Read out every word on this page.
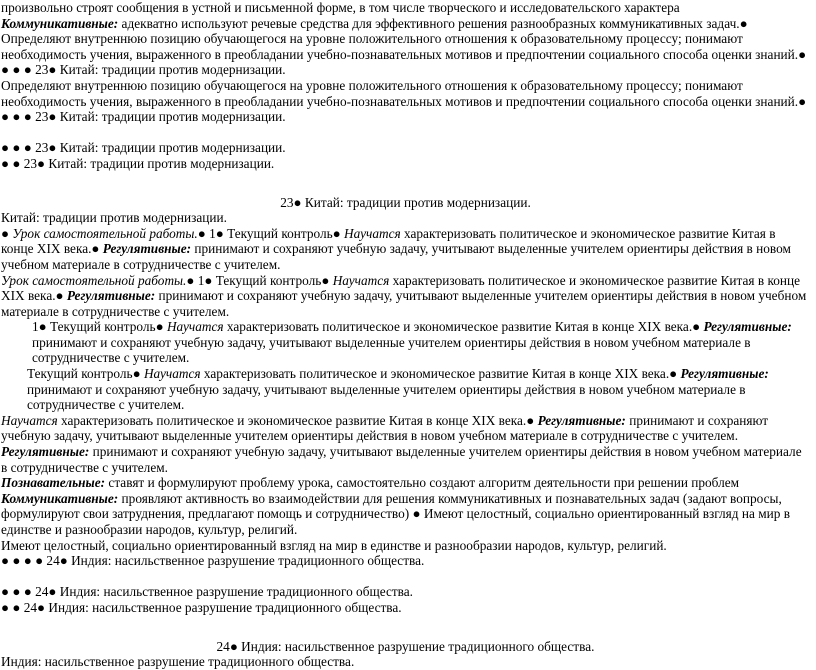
произвольно строят сообщения в устной и письменной форме, в том числе творческого и исследовательского характера

Коммуникативные: адекватно используют речевые средства для эффективного решения разнообразных коммуникативных задач.● Определяют внутреннюю позицию обучающегося на уровне положительного отношения к образовательному процессу; понимают необходимость учения, выраженного в преобладании учебно-познавательных мотивов и предпочтении социального способа оценки знаний.● ● ● ● 23● Китай: традиции против модернизации.

Определяют внутреннюю позицию обучающегося на уровне положительного отношения к образовательному процессу; понимают необходимость учения, выраженного в преобладании учебно-познавательных мотивов и предпочтении социального способа оценки знаний.● ● ● ● 23● Китай: традиции против модернизации.

● ● ● 23● Китай: традиции против модернизации.

● ● 23● Китай: традиции против модернизации.

23● Китай: традиции против модернизации.

Китай: традиции против модернизации.

● Урок самостоятельной работы.● 1● Текущий контроль● Научатся характеризовать политическое и экономическое развитие Китая в конце XIX века.● Регулятивные: принимают и сохраняют учебную задачу, учитывают выделенные учителем ориентиры действия в новом учебном материале в сотрудничестве с учителем.

Урок самостоятельной работы.● 1● Текущий контроль● Научатся характеризовать политическое и экономическое развитие Китая в конце XIX века.● Регулятивные: принимают и сохраняют учебную задачу, учитывают выделенные учителем ориентиры действия в новом учебном материале в сотрудничестве с учителем.

1● Текущий контроль● Научатся характеризовать политическое и экономическое развитие Китая в конце XIX века.● Регулятивные: принимают и сохраняют учебную задачу, учитывают выделенные учителем ориентиры действия в новом учебном материале в сотрудничестве с учителем.

Текущий контроль● Научатся характеризовать политическое и экономическое развитие Китая в конце XIX века.● Регулятивные: принимают и сохраняют учебную задачу, учитывают выделенные учителем ориентиры действия в новом учебном материале в сотрудничестве с учителем.

Научатся характеризовать политическое и экономическое развитие Китая в конце XIX века.● Регулятивные: принимают и сохраняют учебную задачу, учитывают выделенные учителем ориентиры действия в новом учебном материале в сотрудничестве с учителем.

Регулятивные: принимают и сохраняют учебную задачу, учитывают выделенные учителем ориентиры действия в новом учебном материале в сотрудничестве с учителем.

Познавательные: ставят и формулируют проблему урока, самостоятельно создают алгоритм деятельности при решении проблем

Коммуникативные: проявляют активность во взаимодействии для решения коммуникативных и познавательных задач (задают вопросы, формулируют свои затруднения, предлагают помощь и сотрудничество) ● Имеют целостный, социально ориентированный взгляд на мир в единстве и разнообразии народов, культур, религий.

Имеют целостный, социально ориентированный взгляд на мир в единстве и разнообразии народов, культур, религий.

● ● ● ● 24● Индия: насильственное разрушение традиционного общества.

● ● ● 24● Индия: насильственное разрушение традиционного общества.

● ● 24● Индия: насильственное разрушение традиционного общества.

24● Индия: насильственное разрушение традиционного общества.

Индия: насильственное разрушение традиционного общества.
